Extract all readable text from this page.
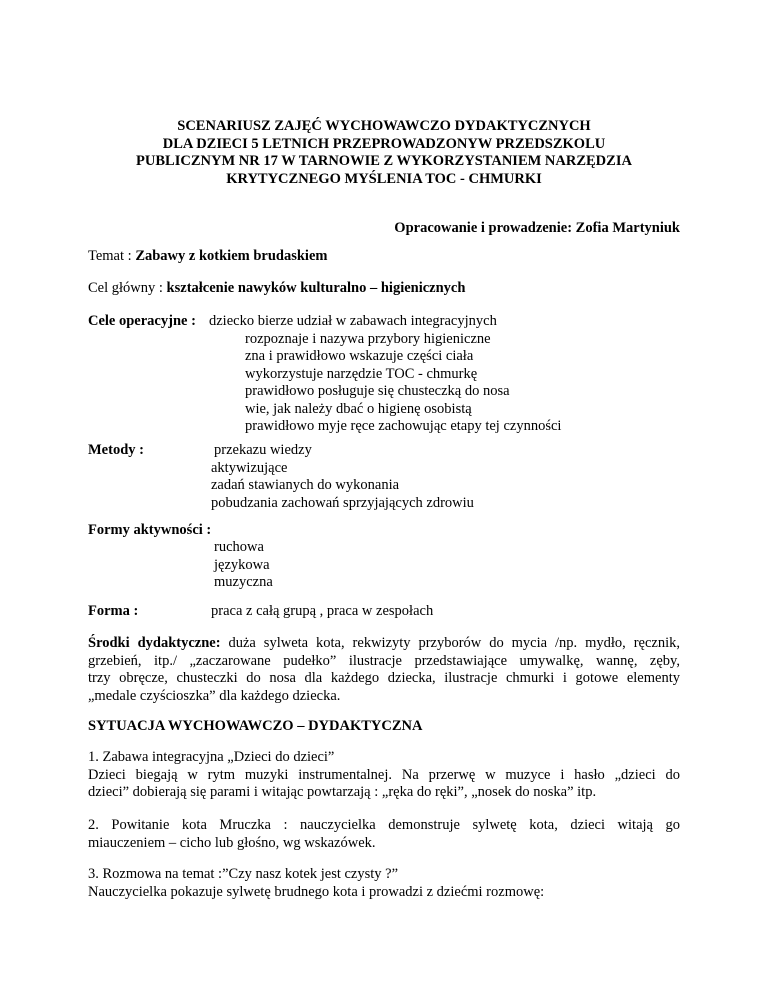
SCENARIUSZ ZAJĘĆ WYCHOWAWCZO DYDAKTYCZNYCH
DLA DZIECI 5 LETNICH PRZEPROWADZONYW PRZEDSZKOLU
PUBLICZNYM NR 17 W TARNOWIE Z WYKORZYSTANIEM NARZĘDZIA
KRYTYCZNEGO MYŚLENIA TOC - CHMURKI
Opracowanie i prowadzenie: Zofia Martyniuk
Temat : Zabawy z kotkiem brudaskiem
Cel główny : kształcenie nawyków kulturalno – higienicznych
Cele operacyjne : dziecko bierze udział w zabawach integracyjnych
rozpoznaje i nazywa przybory higieniczne
zna i prawidłowo wskazuje części ciała
wykorzystuje narzędzie TOC - chmurkę
prawidłowo posługuje się chusteczką do nosa
wie, jak należy dbać o higienę osobistą
prawidłowo myje ręce zachowując etapy tej czynności
Metody :	przekazu wiedzy
aktywizujące
zadań stawianych do wykonania
pobudzania zachowań sprzyjających zdrowiu
Formy aktywności :
ruchowa
językowa
muzyczna
Forma :	praca z całą grupą , praca w zespołach
Środki dydaktyczne: duża sylweta kota, rekwizyty przyborów do mycia /np. mydło, ręcznik,
grzebień, itp./ „zaczarowane pudełko” ilustracje przedstawiające umywalkę, wannę, zęby,
trzy obręcze, chusteczki do nosa dla każdego dziecka, ilustracje chmurki i gotowe elementy
„medale czyścioszka” dla każdego dziecka.
SYTUACJA WYCHOWAWCZO – DYDAKTYCZNA
1. Zabawa integracyjna „Dzieci do dzieci”
Dzieci biegają w rytm muzyki instrumentalnej. Na przerwę w muzyce i hasło „dzieci do
dzieci” dobierają się parami i witając powtarzają : „ręka do ręki”, „nosek do noska” itp.
2. Powitanie kota Mruczka : nauczycielka demonstruje sylwetę kota, dzieci witają go
miauczeniem – cicho lub głośno, wg wskazówek.
3. Rozmowa na temat :”Czy nasz kotek jest czysty ?”
Nauczycielka pokazuje sylwetę brudnego kota i prowadzi z dziećmi rozmowę:
